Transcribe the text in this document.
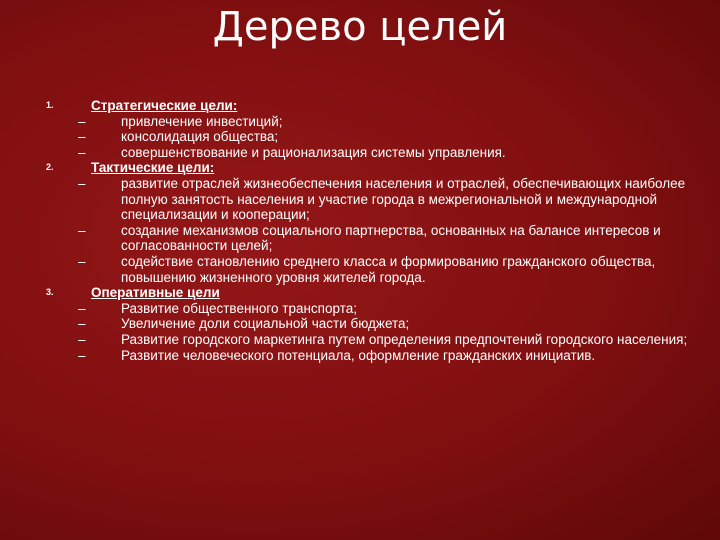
Дерево целей
1.	Стратегические цели:
–	привлечение инвестиций;
–	консолидация общества;
–	совершенствование и рационализация системы управления.
2.	Тактические цели:
–	развитие отраслей жизнеобеспечения населения и отраслей, обеспечивающих наиболее полную занятость населения и участие города в межрегиональной и международной специализации и кооперации;
–	создание механизмов социального партнерства, основанных на балансе интересов и согласованности целей;
–	содействие становлению среднего класса и формированию гражданского общества, повышению жизненного уровня жителей города.
3.	Оперативные цели
–	Развитие общественного транспорта;
–	Увеличение доли социальной части бюджета;
–	Развитие городского маркетинга путем определения предпочтений городского населения;
–	Развитие человеческого потенциала, оформление гражданских инициатив.
